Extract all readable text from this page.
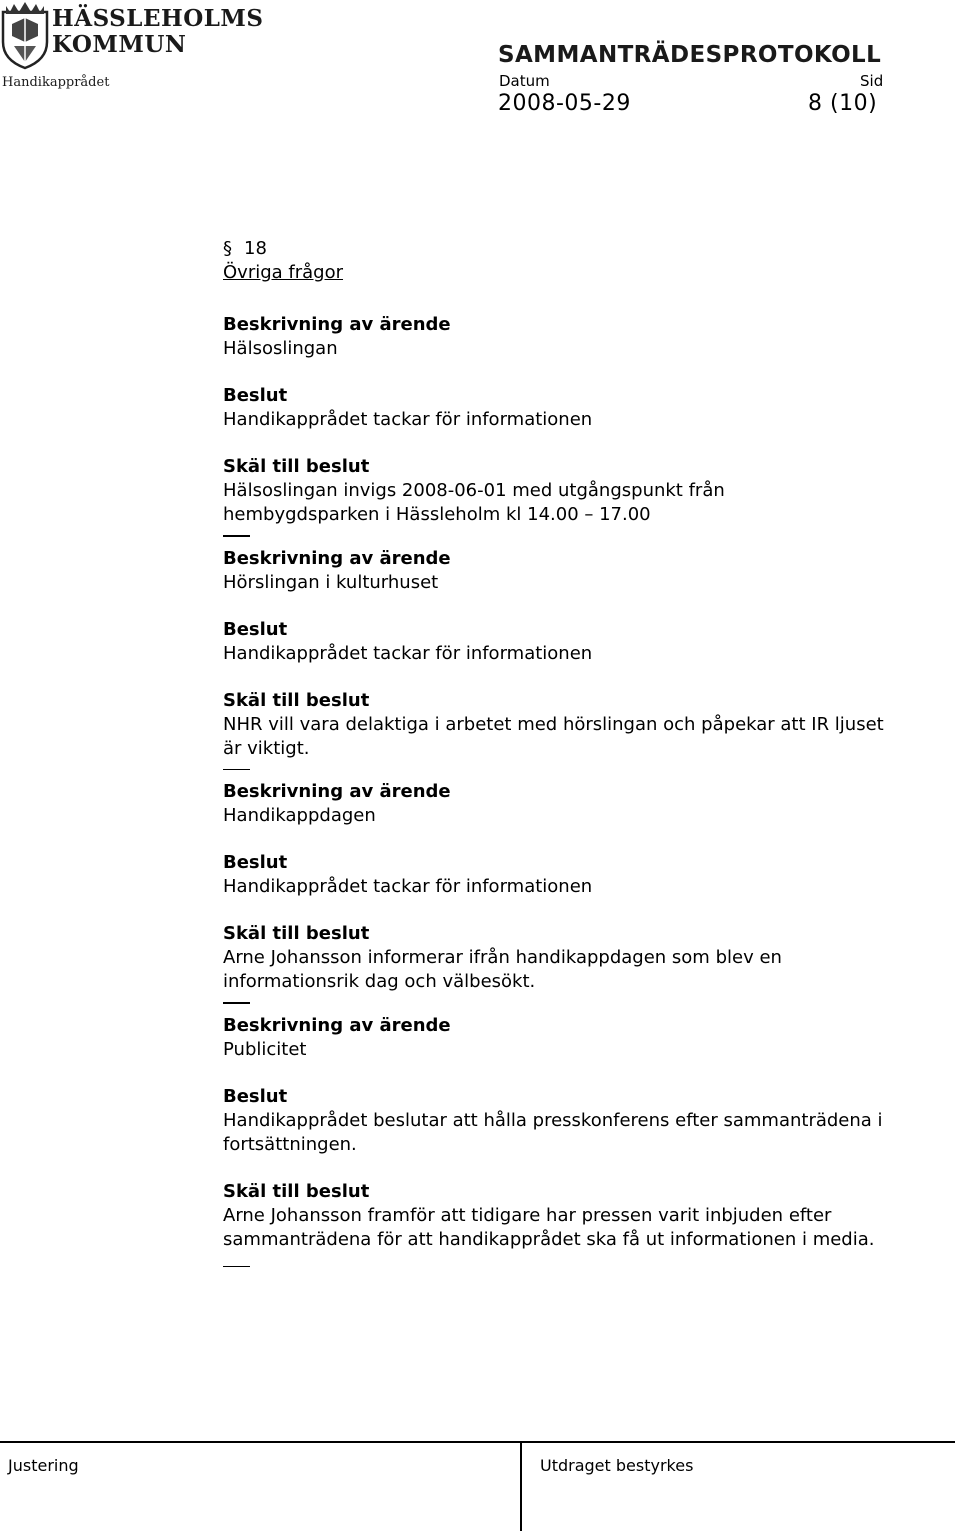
HÄSSLEHOLMS
KOMMUN
Handikapprådet
SAMMANTRÄDESPROTOKOLL
Datum	Sid
2008-05-29	8 (10)

§ 18

Övriga frågor

Beskrivning av ärende
Hälsoslingan
Beslut
Handikapprådet tackar för informationen
Skäl till beslut
Hälsoslingan invigs 2008-06-01 med utgångspunkt från hembygdsparken i Hässleholm kl 14.00 – 17.00
Beskrivning av ärende
Hörslingan i kulturhuset
Beslut
Handikapprådet tackar för informationen
Skäl till beslut
NHR vill vara delaktiga i arbetet med hörslingan och påpekar att IR ljuset är viktigt.
Beskrivning av ärende
Handikappdagen
Beslut
Handikapprådet tackar för informationen
Skäl till beslut
Arne Johansson informerar ifrån handikappdagen som blev en informationsrik dag och välbesökt.
Beskrivning av ärende
Publicitet
Beslut
Handikapprådet beslutar att hålla presskonferens efter sammanträdena i fortsättningen.
Skäl till beslut
Arne Johansson framför att tidigare har pressen varit inbjuden efter sammanträdena för att handikapprådet ska få ut informationen i media.
Justering	Utdraget bestyrkes
